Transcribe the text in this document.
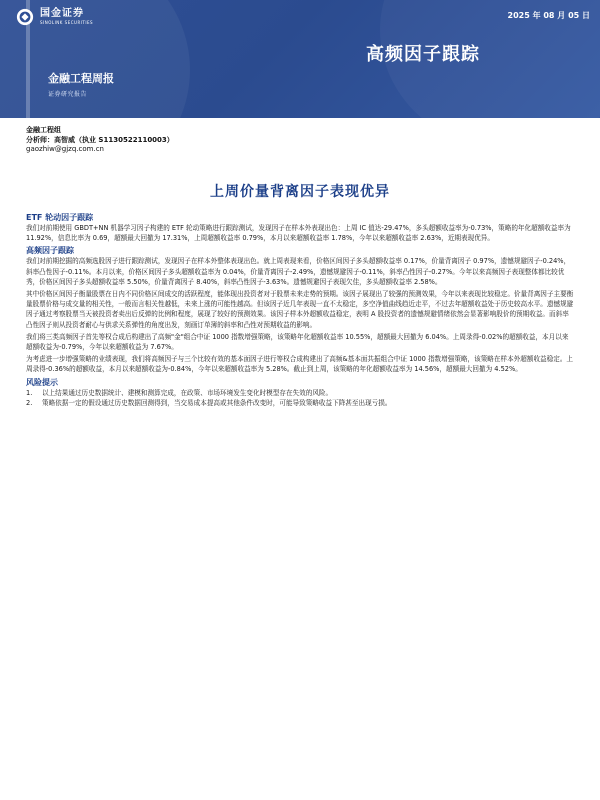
国金证券
SINOLINK SECURITIES
2025 年 08 月 05 日
高频因子跟踪
金融工程周报
证券研究报告
金融工程组
分析师：高智威（执业 S1130522110003）
gaozhiw@gjzq.com.cn
上周价量背离因子表现优异
ETF 轮动因子跟踪

我们对前期使用 GBDT+NN 机器学习因子构建的 ETF 轮动策略进行跟踪测试，发现因子在样本外表现出色：上周 IC 值达-29.47%，多头超额收益率为-0.73%，策略的年化超额收益率为 11.92%，信息比率为 0.69，超额最大回撤为 17.31%，上周超额收益率 0.79%，本月以来超额收益率 1.78%，今年以来超额收益率 2.63%，近期表现优异。

高频因子跟踪

我们对前期挖掘的高频选股因子进行跟踪测试，发现因子在样本外整体表现出色。就上周表现来看，价格区间因子多头超额收益率 0.17%，价量背离因子 0.97%，遗憾规避因子-0.24%，斜率凸性因子-0.11%。本月以来，价格区间因子多头超额收益率为 0.04%，价量背离因子-2.49%，遗憾规避因子-0.11%，斜率凸性因子-0.27%。今年以来高频因子表现整体都比较优秀，价格区间因子多头超额收益率 5.50%，价量背离因子 8.40%，斜率凸性因子-3.63%。遗憾规避因子表现欠佳，多头超额收益率 2.58%。

其中价格区间因子衡量股票在日内不同价格区间成交的活跃程度，能体现出投资者对于股票未来走势的预期。该因子展现出了较强的预测效果，今年以来表现比较稳定。价量背离因子主要衡量股票价格与成交量的相关性，一般而言相关性越低，未来上涨的可能性越高。但该因子近几年表现一直不太稳定，多空净值曲线趋近走平，不过去年超额收益处于历史较高水平。遗憾规避因子通过考察股票当天被投资者卖出后反弹的比例和程度，展现了较好的预测效果。该因子样本外超额收益稳定，表明 A 股投资者的遗憾规避情绪依然会显著影响股价的预期收益。而斜率凸性因子则从投资者耐心与供求关系弹性的角度出发，刻画订单簿的斜率和凸性对预期收益的影响。

我们将三类高频因子首先等权合成后构建出了高频"金"组合中证 1000 指数增强策略，该策略年化超额收益率 10.55%，超额最大回撤为 6.04%。上周录得-0.02%的超额收益，本月以来超额收益为-0.79%，今年以来超额收益为 7.67%。

为考虑进一步增强策略的业绩表现，我们将高频因子与三个比较有效的基本面因子进行等权合成构建出了高频&基本面共振组合中证 1000 指数增强策略，该策略在样本外超额收益稳定。上周录得-0.36%的超额收益，本月以来超额收益为-0.84%，今年以来超额收益率为 5.28%。截止到上周，该策略的年化超额收益率为 14.56%，超额最大回撤为 4.52%。

风险提示
1.	以上结果通过历史数据统计、建模和测算完成，在政策、市场环境发生变化时模型存在失效的风险。
2.	策略依据一定的假设通过历史数据回测得到，当交易成本提高或其他条件改变时，可能导致策略收益下降甚至出现亏损。
